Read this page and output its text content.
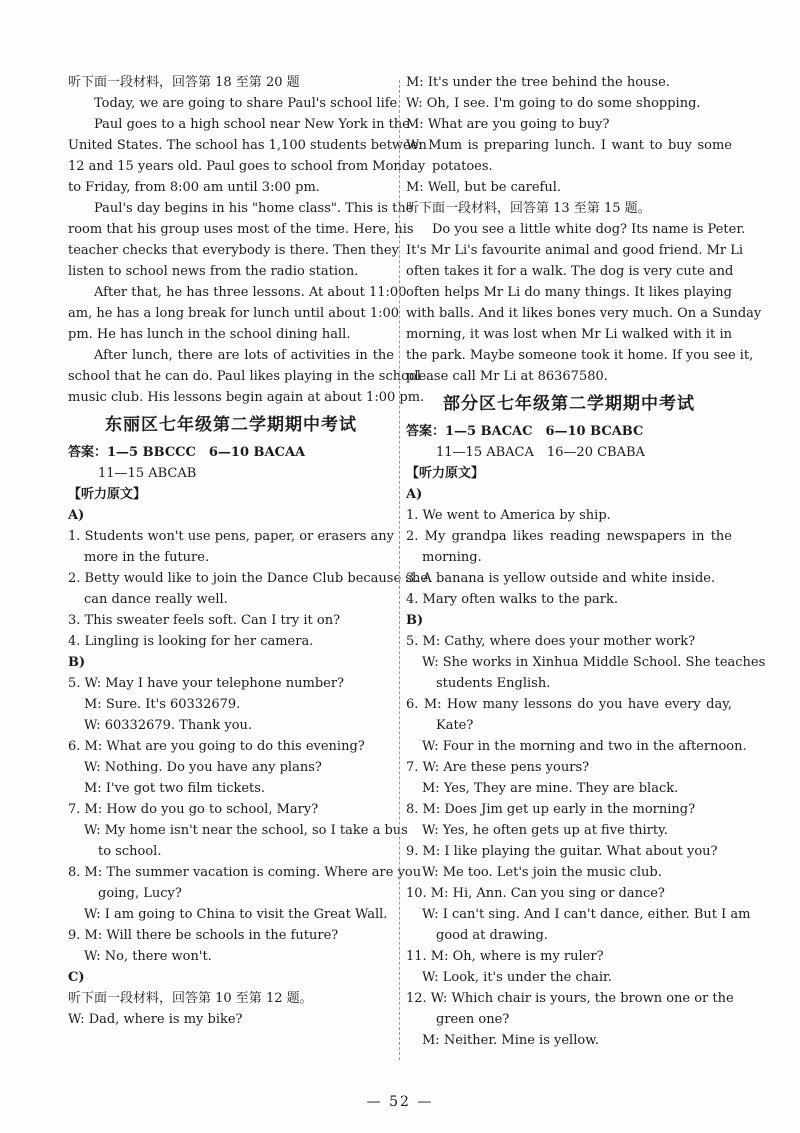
听下面一段材料，回答第 18 至第 20 题
Today, we are going to share Paul's school life.
Paul goes to a high school near New York in the
United States. The school has 1,100 students between
12 and 15 years old. Paul goes to school from Monday
to Friday, from 8:00 am until 3:00 pm.
Paul's day begins in his "home class". This is the
room that his group uses most of the time. Here, his
teacher checks that everybody is there. Then they
listen to school news from the radio station.
After that, he has three lessons. At about 11:00
am, he has a long break for lunch until about 1:00
pm. He has lunch in the school dining hall.
After lunch, there are lots of activities in the
school that he can do. Paul likes playing in the school
music club. His lessons begin again at about 1:00 pm.
东丽区七年级第二学期期中考试
答案：1—5 BBCCC　6—10 BACAA
11—15 ABCAB
【听力原文】
A)
1. Students won't use pens, paper, or erasers any
more in the future.
2. Betty would like to join the Dance Club because she
can dance really well.
3. This sweater feels soft. Can I try it on?
4. Lingling is looking for her camera.
B)
5. W: May I have your telephone number?
M: Sure. It's 60332679.
W: 60332679. Thank you.
6. M: What are you going to do this evening?
W: Nothing. Do you have any plans?
M: I've got two film tickets.
7. M: How do you go to school, Mary?
W: My home isn't near the school, so I take a bus
to school.
8. M: The summer vacation is coming. Where are you
going, Lucy?
W: I am going to China to visit the Great Wall.
9. M: Will there be schools in the future?
W: No, there won't.
C)
听下面一段材料，回答第 10 至第 12 题。
W: Dad, where is my bike?
M: It's under the tree behind the house.
W: Oh, I see. I'm going to do some shopping.
M: What are you going to buy?
W: Mum is preparing lunch. I want to buy some
potatoes.
M: Well, but be careful.
听下面一段材料，回答第 13 至第 15 题。
Do you see a little white dog? Its name is Peter.
It's Mr Li's favourite animal and good friend. Mr Li
often takes it for a walk. The dog is very cute and
often helps Mr Li do many things. It likes playing
with balls. And it likes bones very much. On a Sunday
morning, it was lost when Mr Li walked with it in
the park. Maybe someone took it home. If you see it,
please call Mr Li at 86367580.
部分区七年级第二学期期中考试
答案：1—5 BACAC　6—10 BCABC
11—15 ABACA　16—20 CBABA
【听力原文】
A)
1. We went to America by ship.
2. My grandpa likes reading newspapers in the
morning.
3. A banana is yellow outside and white inside.
4. Mary often walks to the park.
B)
5. M: Cathy, where does your mother work?
W: She works in Xinhua Middle School. She teaches
students English.
6. M: How many lessons do you have every day,
Kate?
W: Four in the morning and two in the afternoon.
7. W: Are these pens yours?
M: Yes, They are mine. They are black.
8. M: Does Jim get up early in the morning?
W: Yes, he often gets up at five thirty.
9. M: I like playing the guitar. What about you?
W: Me too. Let's join the music club.
10. M: Hi, Ann. Can you sing or dance?
W: I can't sing. And I can't dance, either. But I am
good at drawing.
11. M: Oh, where is my ruler?
W: Look, it's under the chair.
12. W: Which chair is yours, the brown one or the
green one?
M: Neither. Mine is yellow.
— 52 —
